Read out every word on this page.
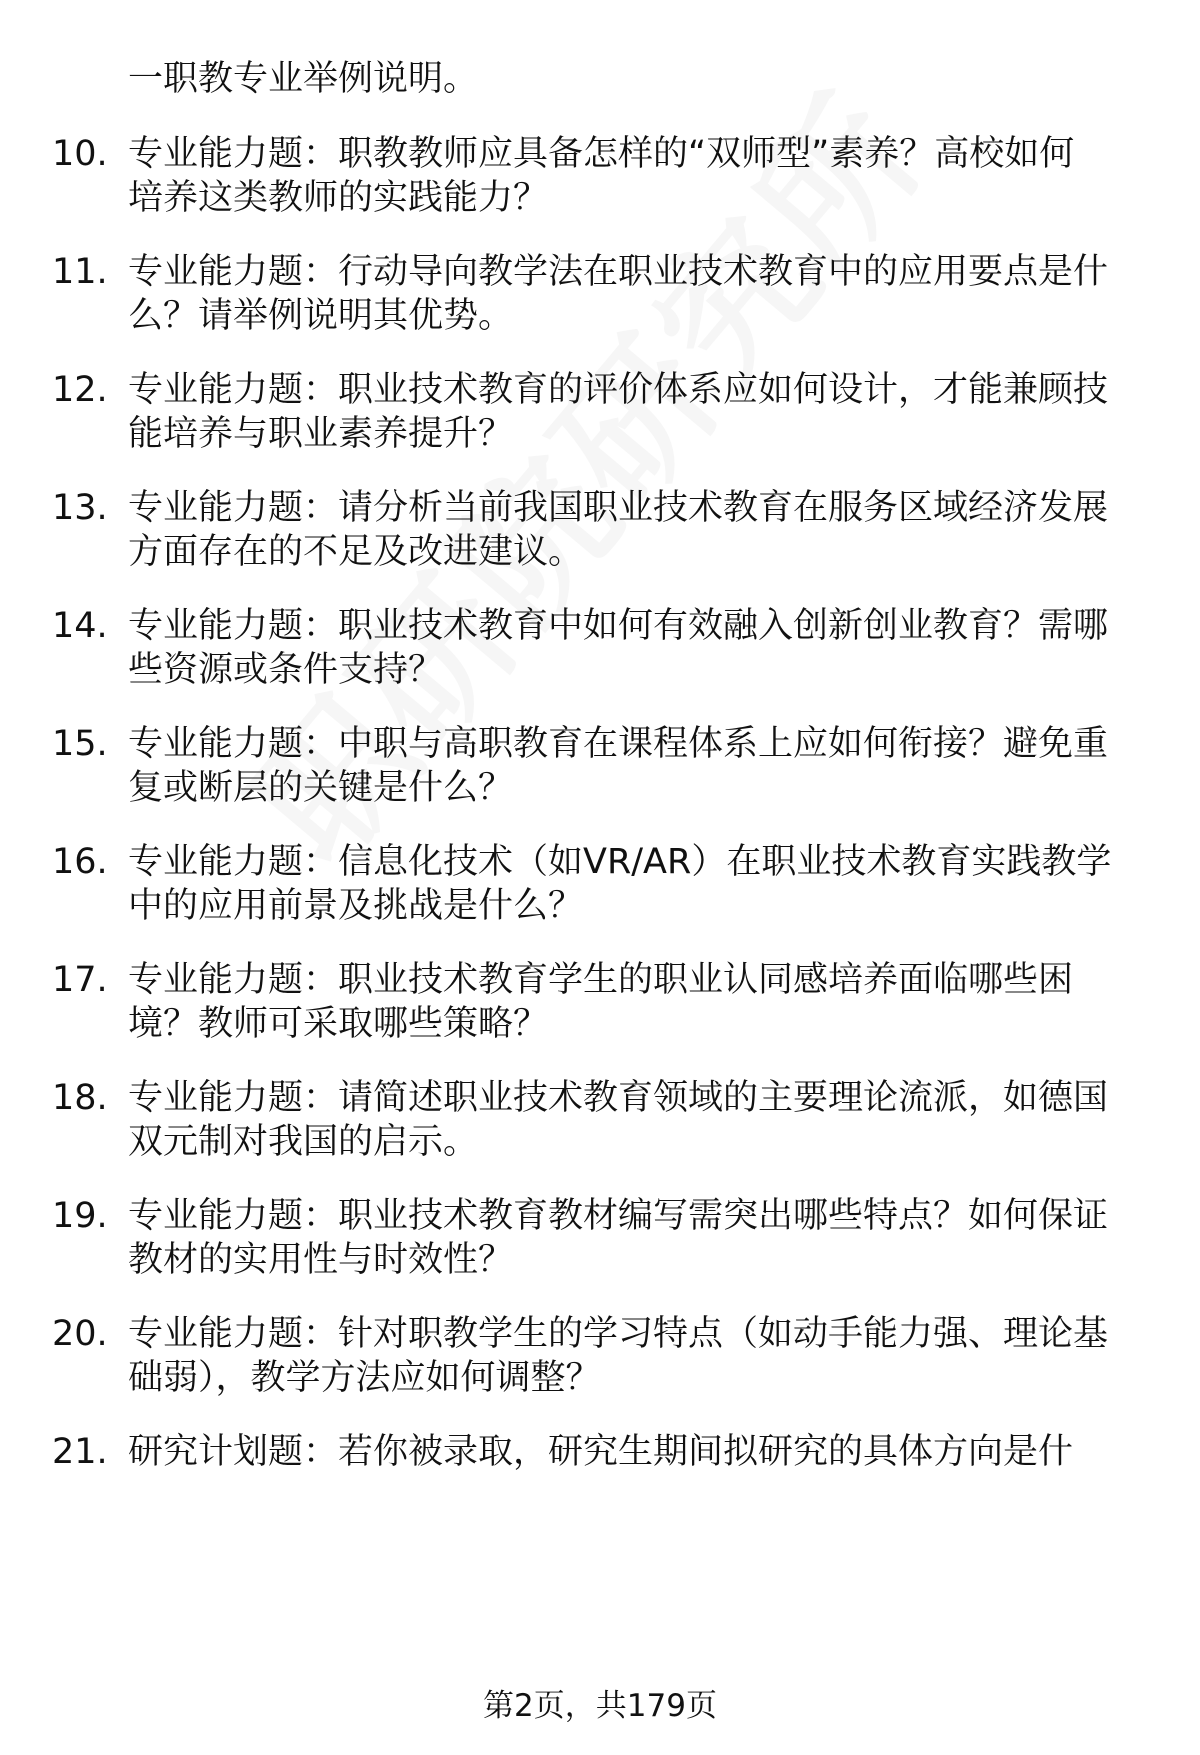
一职教专业举例说明。
10. 专业能力题：职教教师应具备怎样的“双师型”素养？高校如何
培养这类教师的实践能力？
11. 专业能力题：行动导向教学法在职业技术教育中的应用要点是什
么？请举例说明其优势。
12. 专业能力题：职业技术教育的评价体系应如何设计，才能兼顾技
能培养与职业素养提升？
13. 专业能力题：请分析当前我国职业技术教育在服务区域经济发展
方面存在的不足及改进建议。
14. 专业能力题：职业技术教育中如何有效融入创新创业教育？需哪
些资源或条件支持？
15. 专业能力题：中职与高职教育在课程体系上应如何衔接？避免重
复或断层的关键是什么？
16. 专业能力题：信息化技术（如VR/AR）在职业技术教育实践教学
中的应用前景及挑战是什么？
17. 专业能力题：职业技术教育学生的职业认同感培养面临哪些困
境？教师可采取哪些策略？
18. 专业能力题：请简述职业技术教育领域的主要理论流派，如德国
双元制对我国的启示。
19. 专业能力题：职业技术教育教材编写需突出哪些特点？如何保证
教材的实用性与时效性？
20. 专业能力题：针对职教学生的学习特点（如动手能力强、理论基
础弱），教学方法应如何调整？
21. 研究计划题：若你被录取，研究生期间拟研究的具体方向是什
第2页，共179页
